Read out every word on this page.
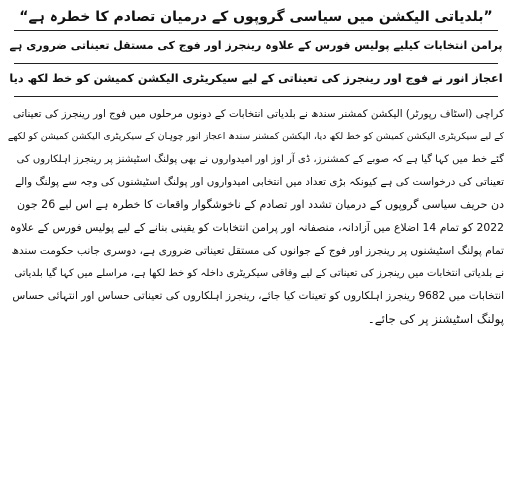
”بلدیاتی الیکشن میں سیاسی گروپوں کے درمیان تصادم کا خطرہ ہے“
پرامن انتخابات کیلیے پولیس فورس کے علاوہ رینجرز اور فوج کی مستقل تعیناتی ضروری ہے
اعجاز انور نے فوج اور رینجرز کی تعیناتی کے لیے سیکریٹری الیکشن کمیشن کو خط لکھ دیا
کراچی (اسٹاف رپورٹر) الیکشن کمشنر سندھ نے بلدیاتی انتخابات کے دونوں مرحلوں میں فوج اور رینجرز کی تعیناتی
کے لیے سیکریٹری الیکشن کمیشن کو خط لکھ دیا، الیکشن کمشنر سندھ اعجاز انور چوہان کے سیکریٹری الیکشن کمیشن کو لکھے
گئے خط میں کہا گیا ہے کہ صوبے کے کمشنرز، ڈی آر اوز اور امیدواروں نے بھی پولنگ اسٹیشنز پر رینجرز اہلکاروں کی
تعیناتی کی درخواست کی ہے کیونکہ بڑی تعداد میں انتخابی امیدواروں اور پولنگ اسٹیشنوں کی وجہ سے پولنگ والے
دن حریف سیاسی گروپوں کے درمیان تشدد اور تصادم کے ناخوشگوار واقعات کا خطرہ ہے اس لیے 26 جون
2022 کو تمام 14 اضلاع میں آزادانہ، منصفانہ اور پرامن انتخابات کو یقینی بنانے کے لیے پولیس فورس کے علاوہ
تمام پولنگ اسٹیشنوں پر رینجرز اور فوج کے جوانوں کی مستقل تعیناتی ضروری ہے، دوسری جانب حکومت سندھ
نے بلدیاتی انتخابات میں رینجرز کی تعیناتی کے لیے وفاقی سیکریٹری داخلہ کو خط لکھا ہے، مراسلے میں کہا گیا بلدیاتی
انتخابات میں 9682 رینجرز اہلکاروں کو تعینات کیا جائے، رینجرز اہلکاروں کی تعیناتی حساس اور انتہائی حساس
پولنگ اسٹیشنز پر کی جائے۔
